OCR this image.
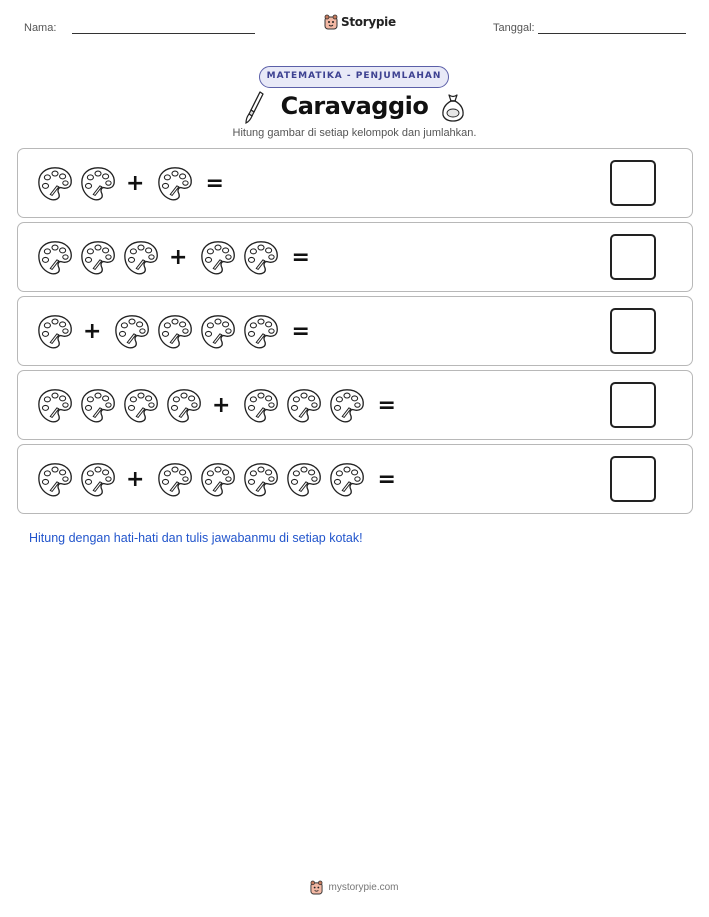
Nama:	Storypie	Tanggal:
MATEMATIKA - PENJUMLAHAN
Caravaggio
Hitung gambar di setiap kelompok dan jumlahkan.
+	=
+	=
+	=
+	=
+	=
Hitung dengan hati-hati dan tulis jawabanmu di setiap kotak!
mystorypie.com
